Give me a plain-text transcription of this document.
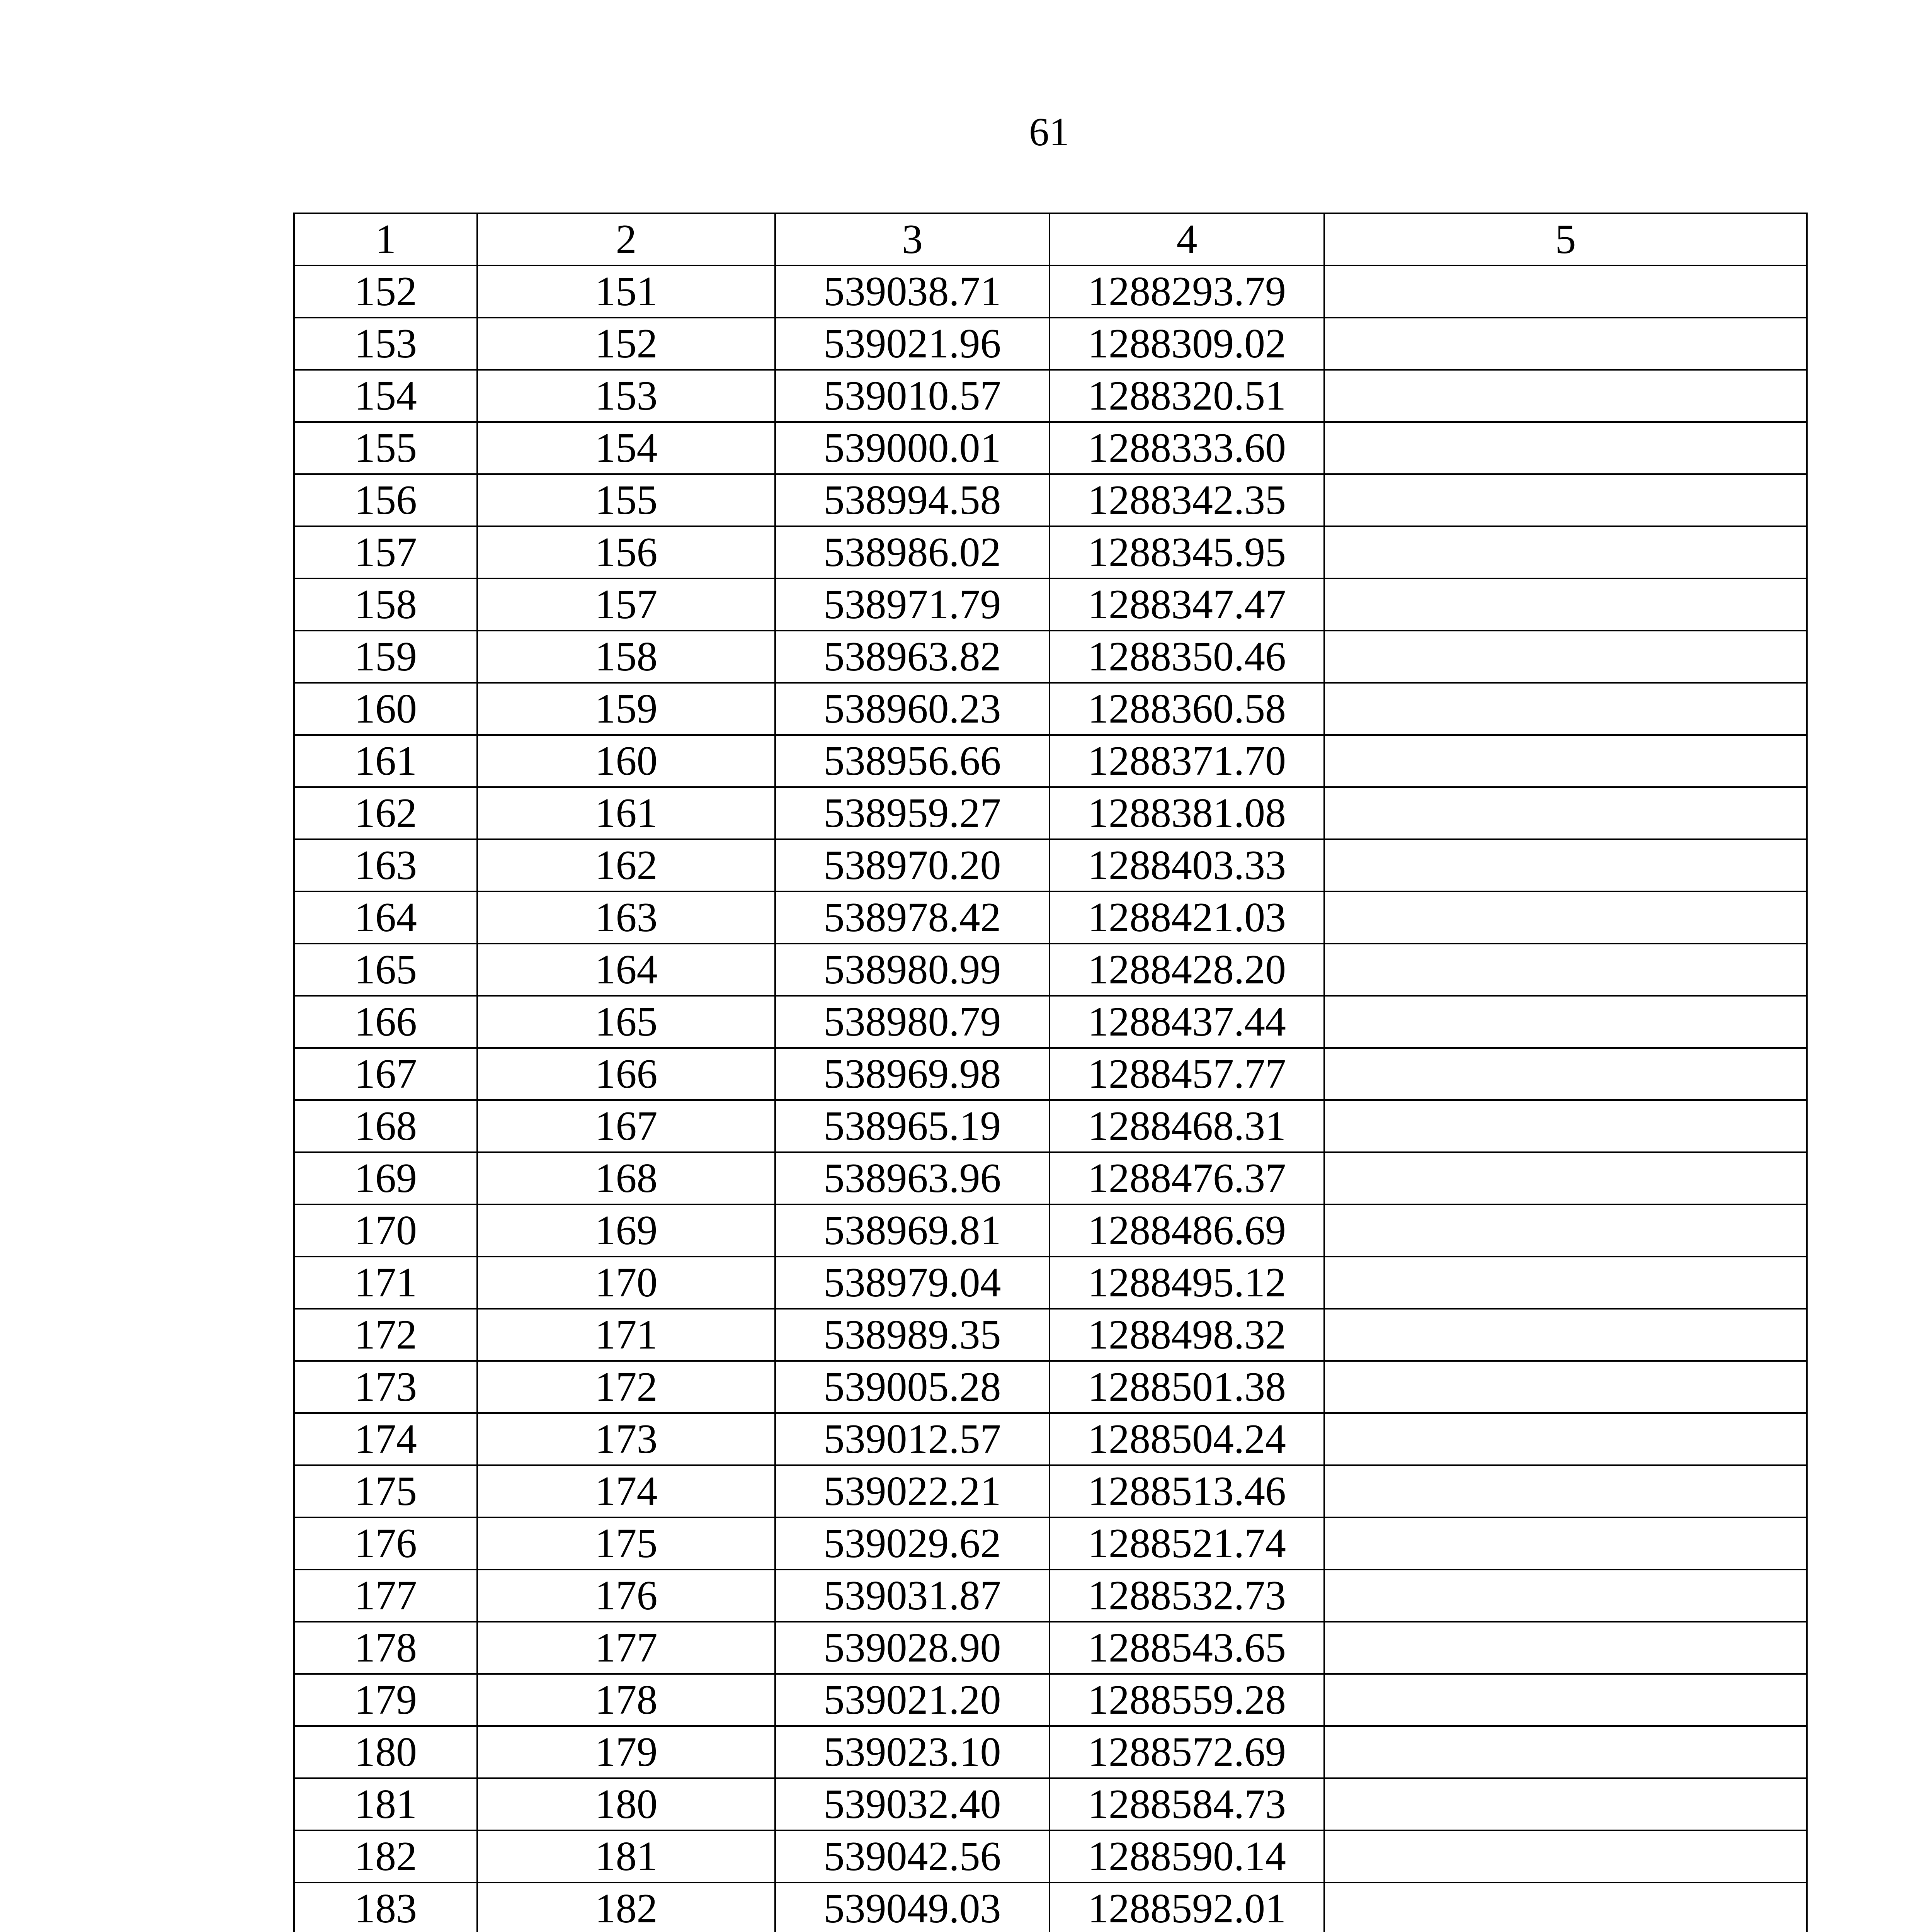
61
1	2	3	4	5
152	151	539038.71	1288293.79	
153	152	539021.96	1288309.02	
154	153	539010.57	1288320.51	
155	154	539000.01	1288333.60	
156	155	538994.58	1288342.35	
157	156	538986.02	1288345.95	
158	157	538971.79	1288347.47	
159	158	538963.82	1288350.46	
160	159	538960.23	1288360.58	
161	160	538956.66	1288371.70	
162	161	538959.27	1288381.08	
163	162	538970.20	1288403.33	
164	163	538978.42	1288421.03	
165	164	538980.99	1288428.20	
166	165	538980.79	1288437.44	
167	166	538969.98	1288457.77	
168	167	538965.19	1288468.31	
169	168	538963.96	1288476.37	
170	169	538969.81	1288486.69	
171	170	538979.04	1288495.12	
172	171	538989.35	1288498.32	
173	172	539005.28	1288501.38	
174	173	539012.57	1288504.24	
175	174	539022.21	1288513.46	
176	175	539029.62	1288521.74	
177	176	539031.87	1288532.73	
178	177	539028.90	1288543.65	
179	178	539021.20	1288559.28	
180	179	539023.10	1288572.69	
181	180	539032.40	1288584.73	
182	181	539042.56	1288590.14	
183	182	539049.03	1288592.01	
